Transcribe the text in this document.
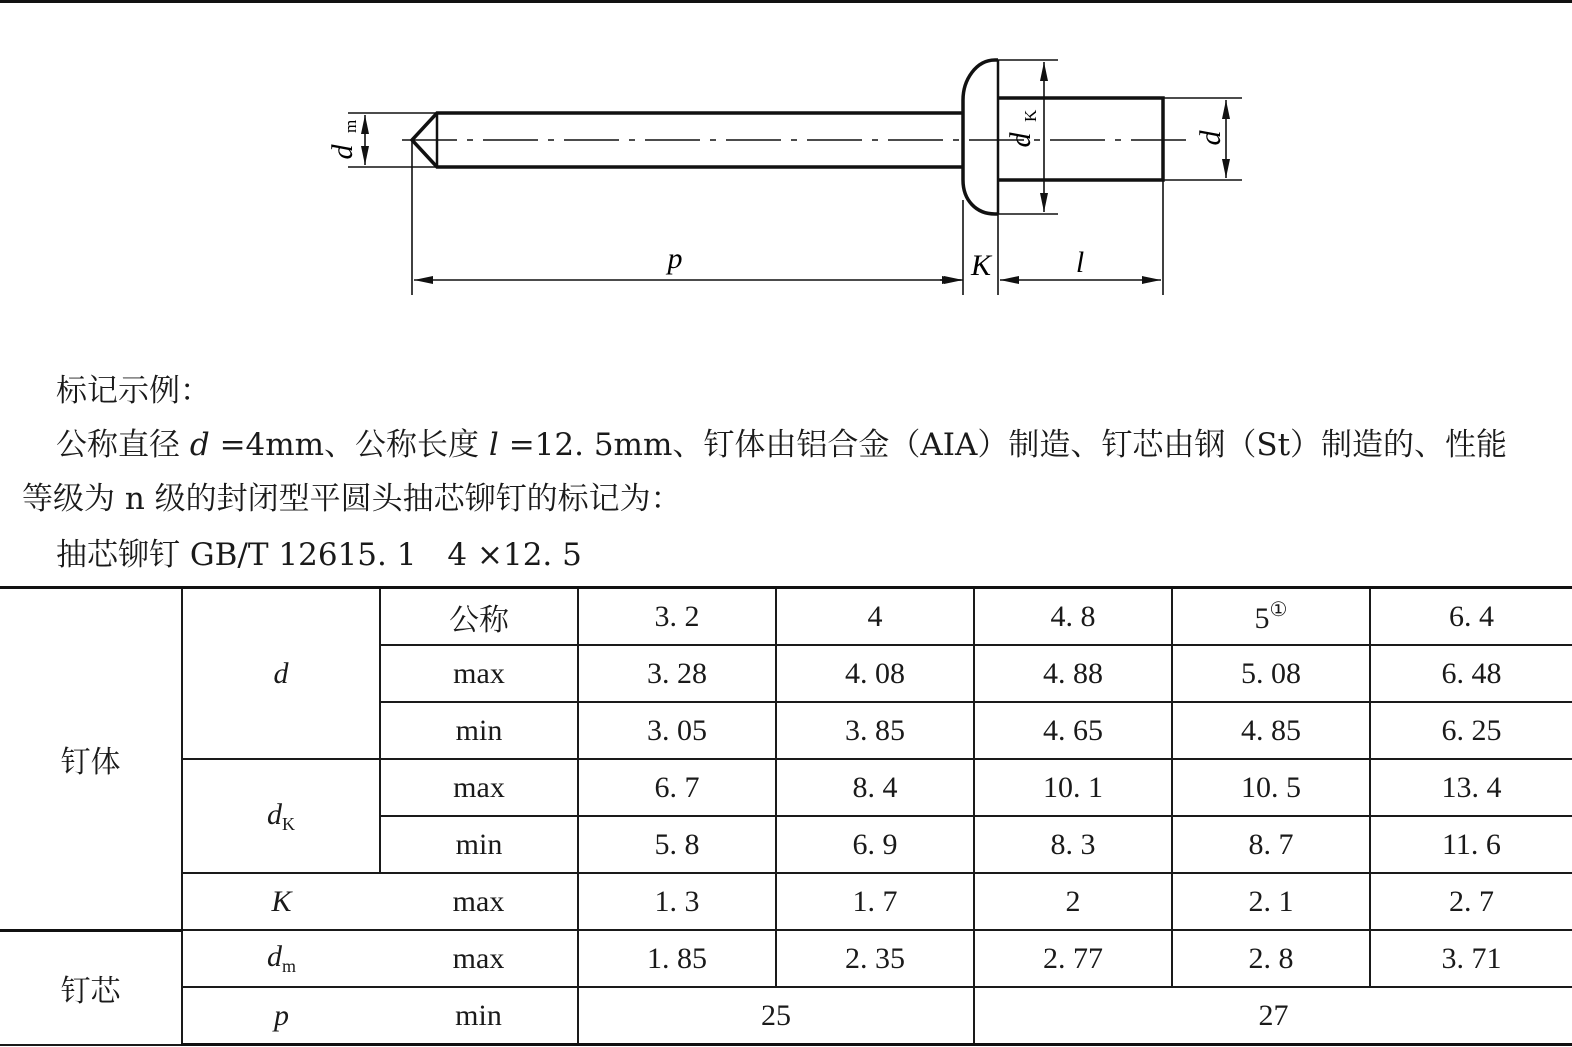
p	K	l
d
m
d
K
d
标记示例：
公称直径 d =4mm、公称长度 l =12. 5mm、钉体由铝合金（AIA）制造、钉芯由钢（St）制造的、性能
等级为 n 级的封闭型平圆头抽芯铆钉的标记为：
抽芯铆钉 GB/T 12615. 1　4 ×12. 5
钉体	d	公称	3. 2	4	4. 8	5①	6. 4
		max	3. 28	4. 08	4. 88	5. 08	6. 48
		min	3. 05	3. 85	4. 65	4. 85	6. 25
	$d_K$	max	6. 7	8. 4	10. 1	10. 5	13. 4
		min	5. 8	6. 9	8. 3	8. 7	11. 6
	K	max	1. 3	1. 7	2	2. 1	2. 7
钉芯	$d_m$	max	1. 85	2. 35	2. 77	2. 8	3. 71
	p	min	25		27		
